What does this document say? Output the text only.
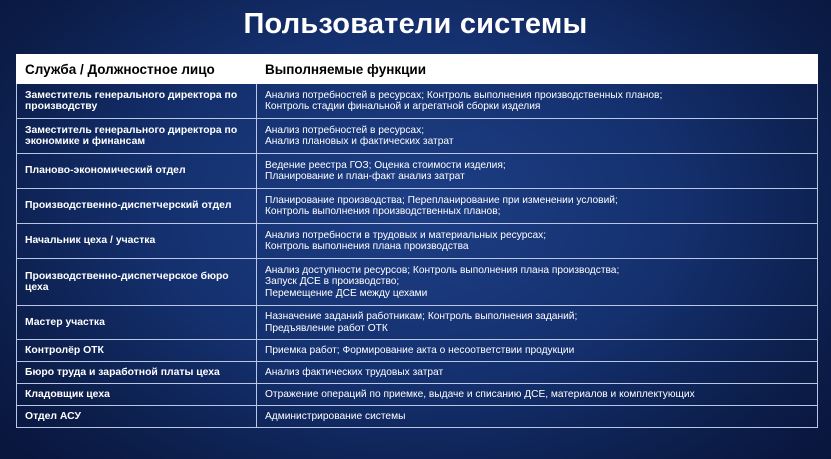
Пользователи системы
Служба / Должностное лицо	Выполняемые функции
Заместитель генерального директора по производству	Анализ потребностей в ресурсах; Контроль выполнения производственных планов;
Контроль стадии финальной и агрегатной сборки изделия

Заместитель генерального директора по экономике и финансам	Анализ потребностей в ресурсах;
Анализ плановых и фактических затрат

Планово-экономический отдел	Ведение реестра ГОЗ; Оценка стоимости изделия;
Планирование и план-факт анализ затрат

Производственно-диспетчерский отдел	Планирование производства; Перепланирование при изменении условий;
Контроль выполнения производственных планов;

Начальник цеха / участка	Анализ потребности в трудовых и материальных ресурсах;
Контроль выполнения плана производства

Производственно-диспетчерское бюро цеха	Анализ доступности ресурсов; Контроль выполнения плана производства;
Запуск ДСЕ в производство;
Перемещение ДСЕ между цехами

Мастер участка	Назначение заданий работникам; Контроль выполнения заданий;
Предъявление работ ОТК

Контролёр ОТК	Приемка работ; Формирование акта о несоответствии продукции

Бюро труда и заработной платы цеха	Анализ фактических трудовых затрат

Кладовщик цеха	Отражение операций по приемке, выдаче и списанию ДСЕ, материалов и комплектующих

Отдел АСУ	Администрирование системы
